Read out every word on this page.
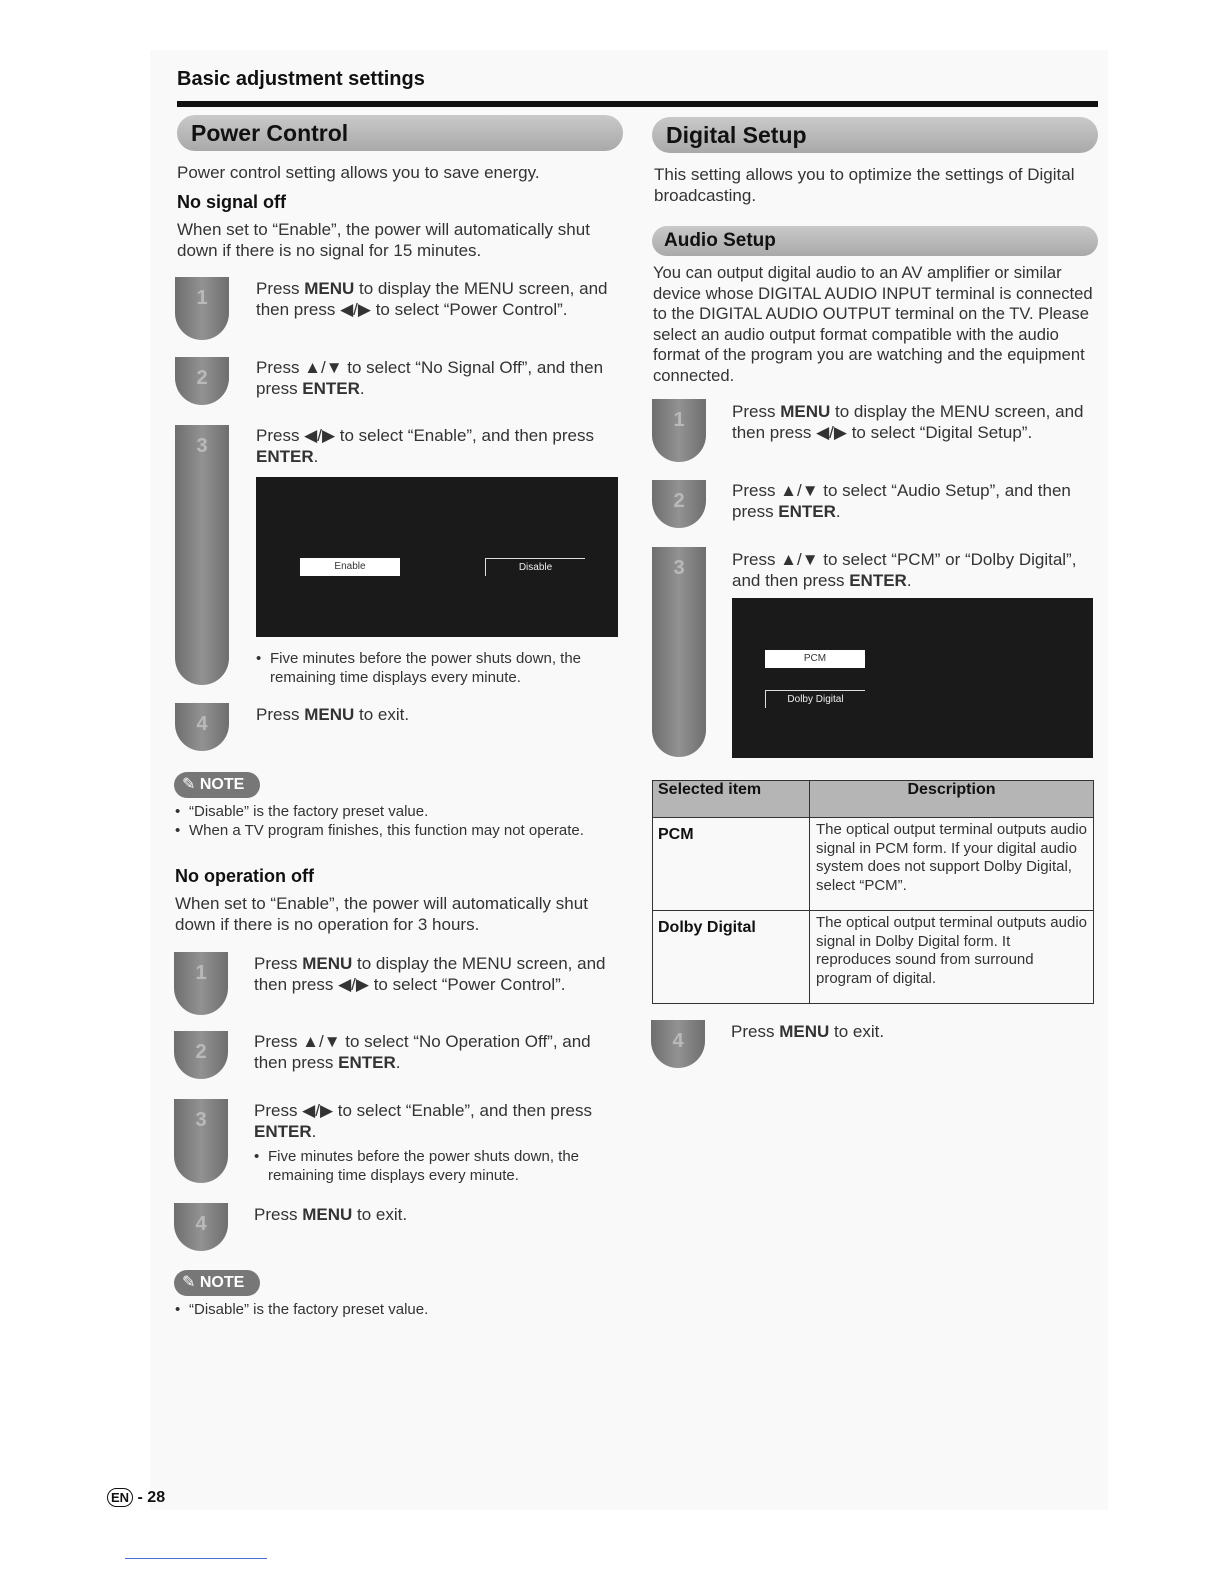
Basic adjustment settings
Power Control
Power control setting allows you to save energy.
No signal off
When set to “Enable”, the power will automatically shut down if there is no signal for 15 minutes.
1	Press MENU to display the MENU screen, and then press ◀/▶ to select “Power Control”.
2	Press ▲/▼ to select “No Signal Off”, and then press ENTER.
3	Press ◀/▶ to select “Enable”, and then press ENTER.
Enable	Disable
• Five minutes before the power shuts down, the remaining time displays every minute.
4	Press MENU to exit.
✎ NOTE
• “Disable” is the factory preset value.
• When a TV program finishes, this function may not operate.
No operation off
When set to “Enable”, the power will automatically shut down if there is no operation for 3 hours.
1	Press MENU to display the MENU screen, and then press ◀/▶ to select “Power Control”.
2	Press ▲/▼ to select “No Operation Off”, and then press ENTER.
3	Press ◀/▶ to select “Enable”, and then press ENTER.
• Five minutes before the power shuts down, the remaining time displays every minute.
4	Press MENU to exit.
✎ NOTE
• “Disable” is the factory preset value.
Digital Setup
This setting allows you to optimize the settings of Digital broadcasting.
Audio Setup
You can output digital audio to an AV amplifier or similar device whose DIGITAL AUDIO INPUT terminal is connected to the DIGITAL AUDIO OUTPUT terminal on the TV. Please select an audio output format compatible with the audio format of the program you are watching and the equipment connected.
1	Press MENU to display the MENU screen, and then press ◀/▶ to select “Digital Setup”.
2	Press ▲/▼ to select “Audio Setup”, and then press ENTER.
3	Press ▲/▼ to select “PCM” or “Dolby Digital”, and then press ENTER.
PCM
Dolby Digital
Selected item	Description
PCM	The optical output terminal outputs audio signal in PCM form. If your digital audio system does not support Dolby Digital, select “PCM”.
Dolby Digital	The optical output terminal outputs audio signal in Dolby Digital form. It reproduces sound from surround program of digital.
4	Press MENU to exit.
EN - 28
